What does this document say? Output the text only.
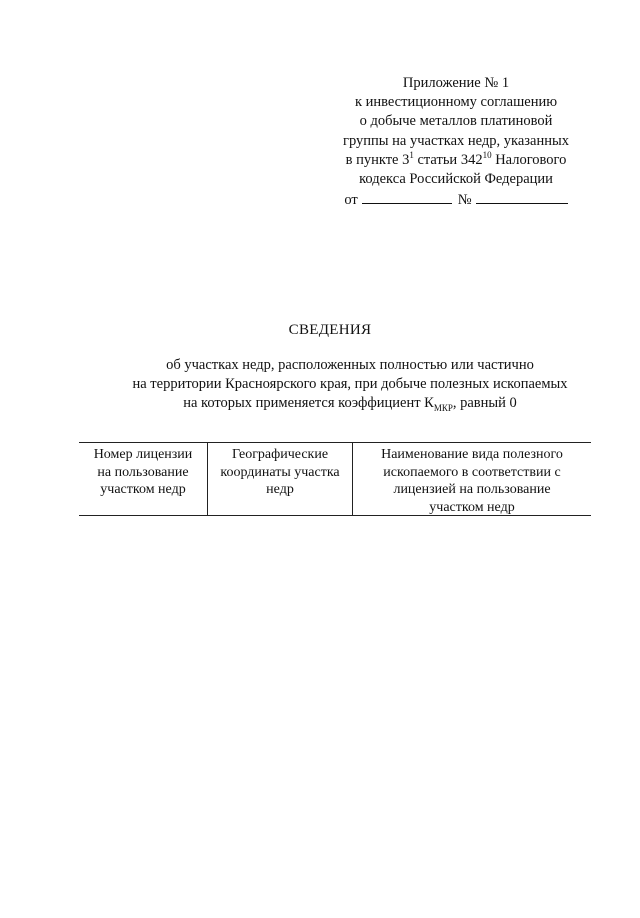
Приложение № 1
к инвестиционному соглашению
о добыче металлов платиновой
группы на участках недр, указанных
в пункте $3^1$ статьи $342^{10}$ Налогового
кодекса Российской Федерации
от	№
СВЕДЕНИЯ
об участках недр, расположенных полностью или частично
на территории Красноярского края, при добыче полезных ископаемых
на которых применяется коэффициент $К_{МКР}$, равный 0
Номер лицензии
на пользование
участком недр
Географические
координаты участка
недр
Наименование вида полезного
ископаемого в соответствии с
лицензией на пользование
участком недр
